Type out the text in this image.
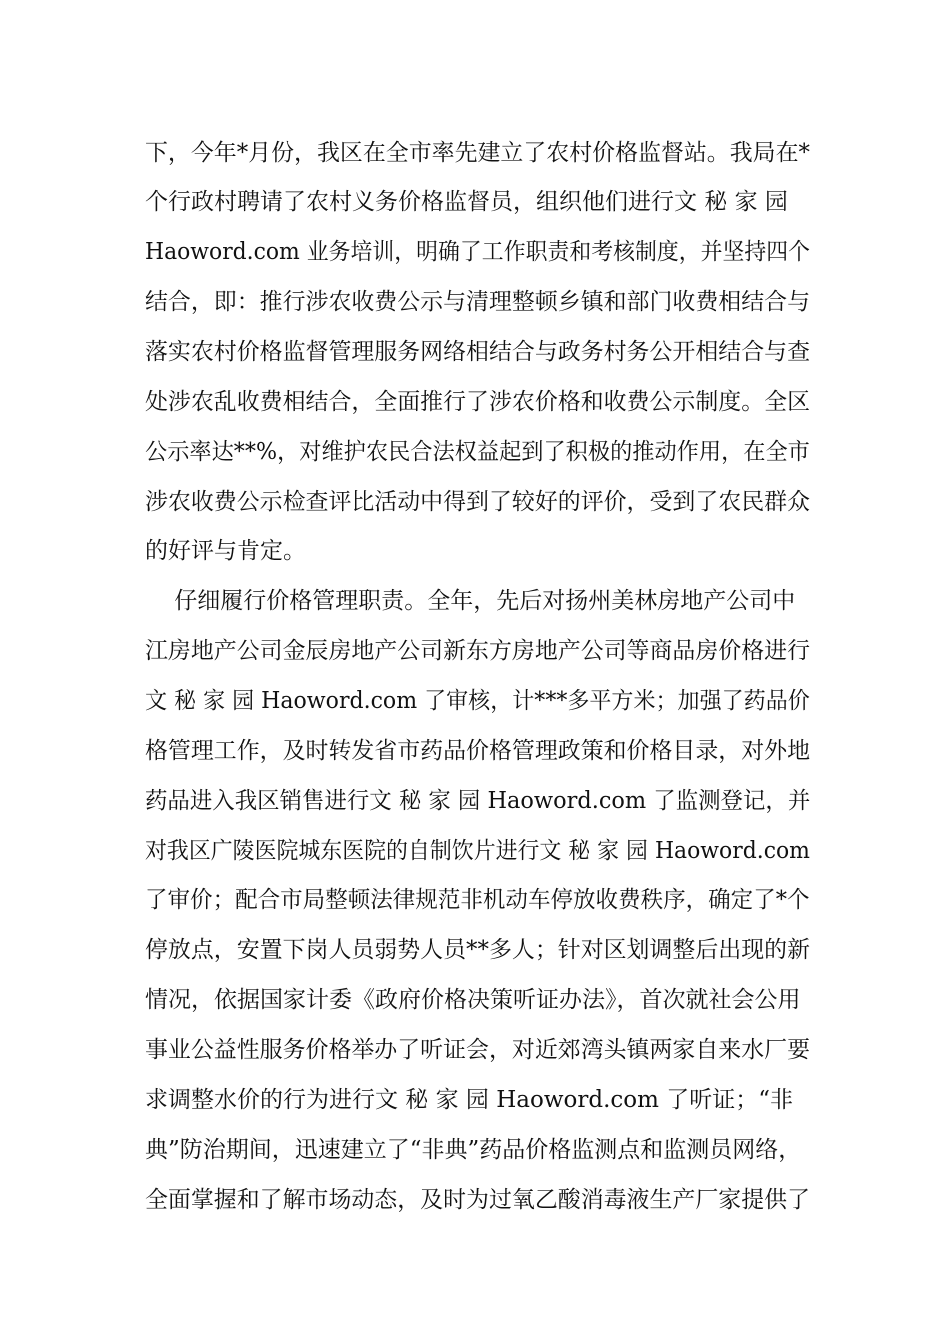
下，今年*月份，我区在全市率先建立了农村价格监督站。我局在*
个行政村聘请了农村义务价格监督员，组织他们进行文 秘 家 园
Haoword.com 业务培训，明确了工作职责和考核制度，并坚持四个
结合，即：推行涉农收费公示与清理整顿乡镇和部门收费相结合与
落实农村价格监督管理服务网络相结合与政务村务公开相结合与查
处涉农乱收费相结合，全面推行了涉农价格和收费公示制度。全区
公示率达**%，对维护农民合法权益起到了积极的推动作用，在全市
涉农收费公示检查评比活动中得到了较好的评价，受到了农民群众
的好评与肯定。
仔细履行价格管理职责。全年，先后对扬州美林房地产公司中
江房地产公司金辰房地产公司新东方房地产公司等商品房价格进行
文 秘 家 园 Haoword.com 了审核，计***多平方米；加强了药品价
格管理工作，及时转发省市药品价格管理政策和价格目录，对外地
药品进入我区销售进行文 秘 家 园 Haoword.com 了监测登记，并
对我区广陵医院城东医院的自制饮片进行文 秘 家 园 Haoword.com
了审价；配合市局整顿法律规范非机动车停放收费秩序，确定了*个
停放点，安置下岗人员弱势人员**多人；针对区划调整后出现的新
情况，依据国家计委《政府价格决策听证办法》，首次就社会公用
事业公益性服务价格举办了听证会，对近郊湾头镇两家自来水厂要
求调整水价的行为进行文 秘 家 园 Haoword.com 了听证；“非
典”防治期间，迅速建立了“非典”药品价格监测点和监测员网络，
全面掌握和了解市场动态，及时为过氧乙酸消毒液生产厂家提供了
